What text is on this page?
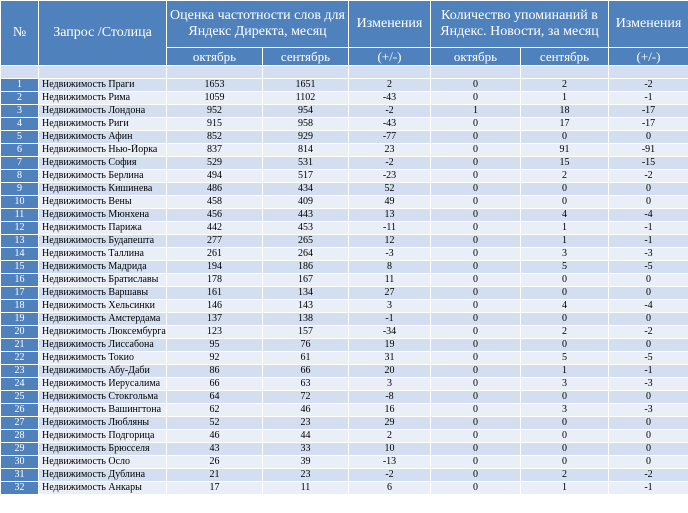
№	Запрос /Столица	Оценка частотности слов для Яндекс Директа, месяц		Изменения	Количество упоминаний в Яндекс. Новости, за месяц		Изменения
		октябрь	сентябрь	(+/-)	октябрь	сентябрь	(+/-)

1	Недвижимость Праги	1653	1651	2	0	2	-2
2	Недвижимость Рима	1059	1102	-43	0	1	-1
3	Недвижимость Лондона	952	954	-2	1	18	-17
4	Недвижимость Риги	915	958	-43	0	17	-17
5	Недвижимость Афин	852	929	-77	0	0	0
6	Недвижимость Нью-Йорка	837	814	23	0	91	-91
7	Недвижимость София	529	531	-2	0	15	-15
8	Недвижимость Берлина	494	517	-23	0	2	-2
9	Недвижимость Кишинева	486	434	52	0	0	0
10	Недвижимость Вены	458	409	49	0	0	0
11	Недвижимость Мюнхена	456	443	13	0	4	-4
12	Недвижимость Парижа	442	453	-11	0	1	-1
13	Недвижимость Будапешта	277	265	12	0	1	-1
14	Недвижимость Таллина	261	264	-3	0	3	-3
15	Недвижимость Мадрида	194	186	8	0	5	-5
16	Недвижимость Братиславы	178	167	11	0	0	0
17	Недвижимость Варшавы	161	134	27	0	0	0
18	Недвижимость Хельсинки	146	143	3	0	4	-4
19	Недвижимость Амстердама	137	138	-1	0	0	0
20	Недвижимость Люксембурга	123	157	-34	0	2	-2
21	Недвижимость Лиссабона	95	76	19	0	0	0
22	Недвижимость Токио	92	61	31	0	5	-5
23	Недвижимость Абу-Даби	86	66	20	0	1	-1
24	Недвижимость Иерусалима	66	63	3	0	3	-3
25	Недвижимость Стокгольма	64	72	-8	0	0	0
26	Недвижимость Вашингтона	62	46	16	0	3	-3
27	Недвижимость Любляны	52	23	29	0	0	0
28	Недвижимость Подгорица	46	44	2	0	0	0
29	Недвижимость Брюсселя	43	33	10	0	0	0
30	Недвижимость Осло	26	39	-13	0	0	0
31	Недвижимость Дублина	21	23	-2	0	2	-2
32	Недвижимость Анкары	17	11	6	0	1	-1
